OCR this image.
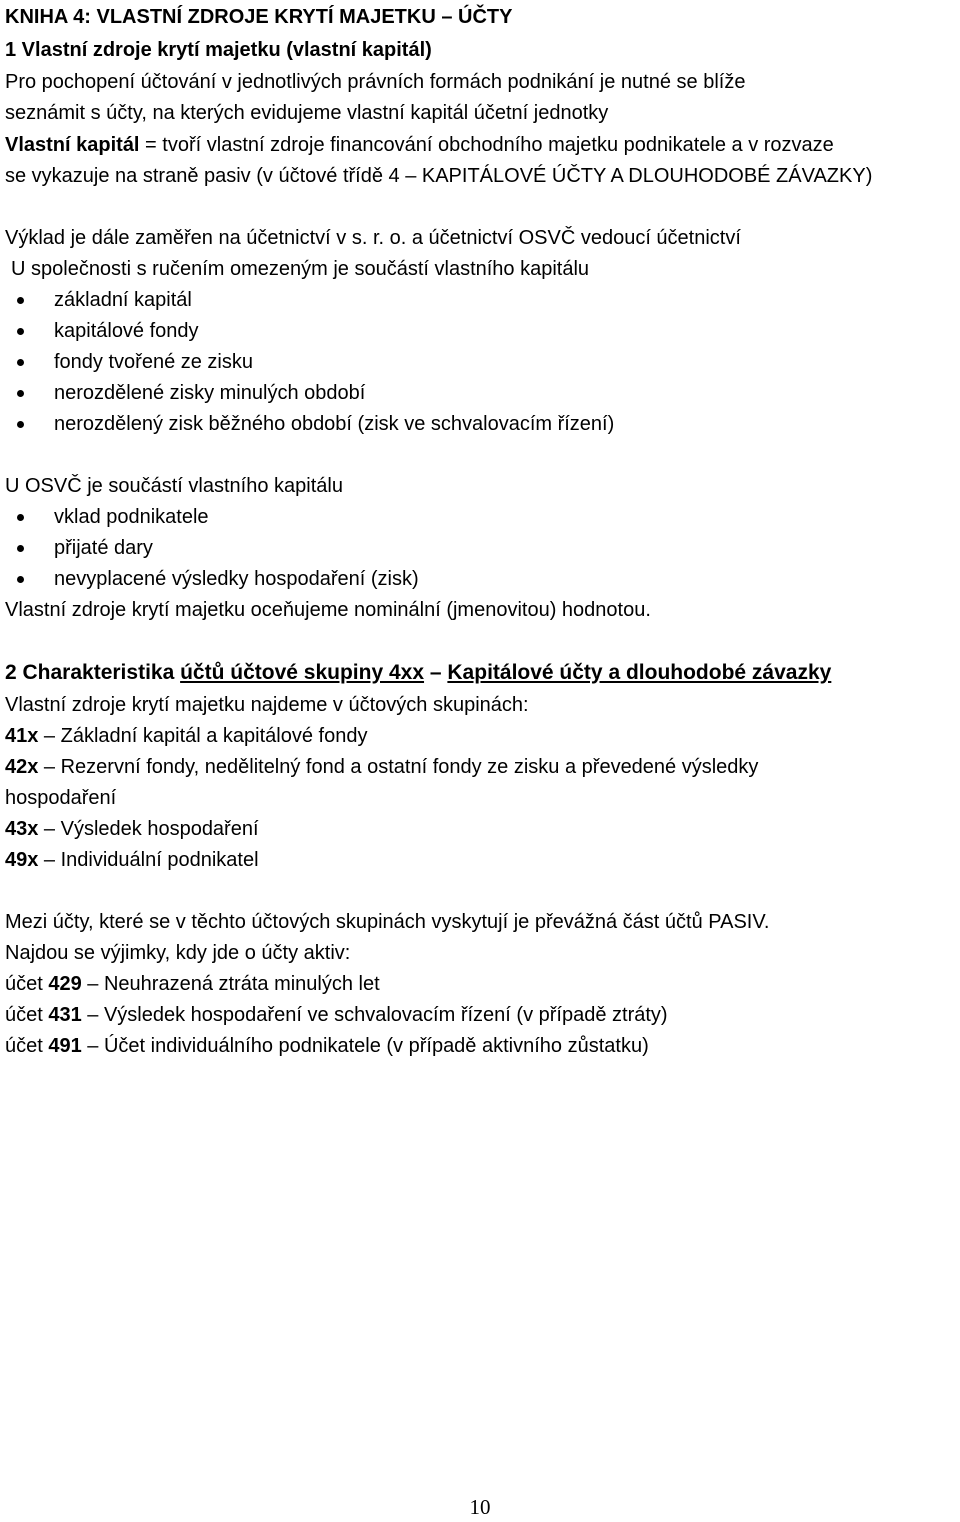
KNIHA 4: VLASTNÍ ZDROJE KRYTÍ MAJETKU – ÚČTY
1 Vlastní zdroje krytí majetku (vlastní kapitál)
Pro pochopení účtování v jednotlivých právních formách podnikání je nutné se blíže
seznámit s účty, na kterých evidujeme vlastní kapitál účetní jednotky
Vlastní kapitál = tvoří vlastní zdroje financování obchodního majetku podnikatele a v rozvaze
se vykazuje na straně pasiv (v účtové třídě 4 – KAPITÁLOVÉ ÚČTY A DLOUHODOBÉ ZÁVAZKY)
Výklad je dále zaměřen na účetnictví v s. r. o. a účetnictví OSVČ vedoucí účetnictví
U společnosti s ručením omezeným je součástí vlastního kapitálu
základní kapitál
kapitálové fondy
fondy tvořené ze zisku
nerozdělené zisky minulých období
nerozdělený zisk běžného období (zisk ve schvalovacím řízení)
U OSVČ je součástí vlastního kapitálu
vklad podnikatele
přijaté dary
nevyplacené výsledky hospodaření (zisk)
Vlastní zdroje krytí majetku oceňujeme nominální (jmenovitou) hodnotou.
2 Charakteristika účtů účtové skupiny 4xx – Kapitálové účty a dlouhodobé závazky
Vlastní zdroje krytí majetku najdeme v účtových skupinách:
41x – Základní kapitál a kapitálové fondy
42x – Rezervní fondy, nedělitelný fond a ostatní fondy ze zisku a převedené výsledky
hospodaření
43x – Výsledek hospodaření
49x – Individuální podnikatel
Mezi účty, které se v těchto účtových skupinách vyskytují je převážná část účtů PASIV.
Najdou se výjimky, kdy jde o účty aktiv:
účet 429 – Neuhrazená ztráta minulých let
účet 431 – Výsledek hospodaření ve schvalovacím řízení (v případě ztráty)
účet 491 – Účet individuálního podnikatele (v případě aktivního zůstatku)
10
